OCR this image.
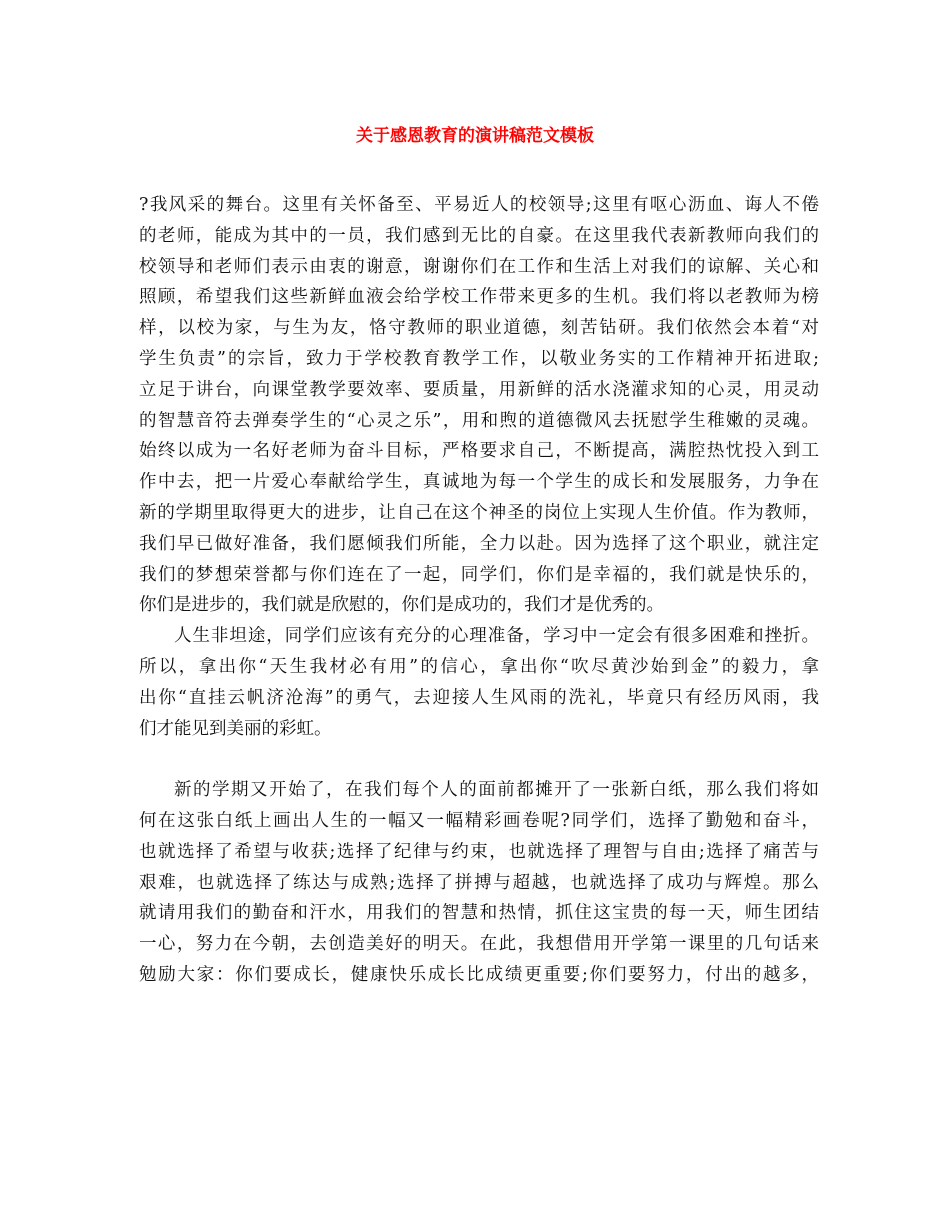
关于感恩教育的演讲稿范文模板
?我风采的舞台。这里有关怀备至、平易近人的校领导;这里有呕心沥血、诲人不倦
的老师，能成为其中的一员，我们感到无比的自豪。在这里我代表新教师向我们的
校领导和老师们表示由衷的谢意，谢谢你们在工作和生活上对我们的谅解、关心和
照顾，希望我们这些新鲜血液会给学校工作带来更多的生机。我们将以老教师为榜
样，以校为家，与生为友，恪守教师的职业道德，刻苦钻研。我们依然会本着“对
学生负责”的宗旨，致力于学校教育教学工作，以敬业务实的工作精神开拓进取;
立足于讲台，向课堂教学要效率、要质量，用新鲜的活水浇灌求知的心灵，用灵动
的智慧音符去弹奏学生的“心灵之乐”，用和煦的道德微风去抚慰学生稚嫩的灵魂。
始终以成为一名好老师为奋斗目标，严格要求自己，不断提高，满腔热忱投入到工
作中去，把一片爱心奉献给学生，真诚地为每一个学生的成长和发展服务，力争在
新的学期里取得更大的进步，让自己在这个神圣的岗位上实现人生价值。作为教师，
我们早已做好准备，我们愿倾我们所能，全力以赴。因为选择了这个职业，就注定
我们的梦想荣誉都与你们连在了一起，同学们，你们是幸福的，我们就是快乐的，
你们是进步的，我们就是欣慰的，你们是成功的，我们才是优秀的。
人生非坦途，同学们应该有充分的心理准备，学习中一定会有很多困难和挫折。
所以，拿出你“天生我材必有用”的信心，拿出你“吹尽黄沙始到金”的毅力，拿
出你“直挂云帆济沧海”的勇气，去迎接人生风雨的洗礼，毕竟只有经历风雨，我
们才能见到美丽的彩虹。
新的学期又开始了，在我们每个人的面前都摊开了一张新白纸，那么我们将如
何在这张白纸上画出人生的一幅又一幅精彩画卷呢?同学们，选择了勤勉和奋斗，
也就选择了希望与收获;选择了纪律与约束，也就选择了理智与自由;选择了痛苦与
艰难，也就选择了练达与成熟;选择了拼搏与超越，也就选择了成功与辉煌。那么
就请用我们的勤奋和汗水，用我们的智慧和热情，抓住这宝贵的每一天，师生团结
一心，努力在今朝，去创造美好的明天。在此，我想借用开学第一课里的几句话来
勉励大家：你们要成长，健康快乐成长比成绩更重要;你们要努力，付出的越多，
